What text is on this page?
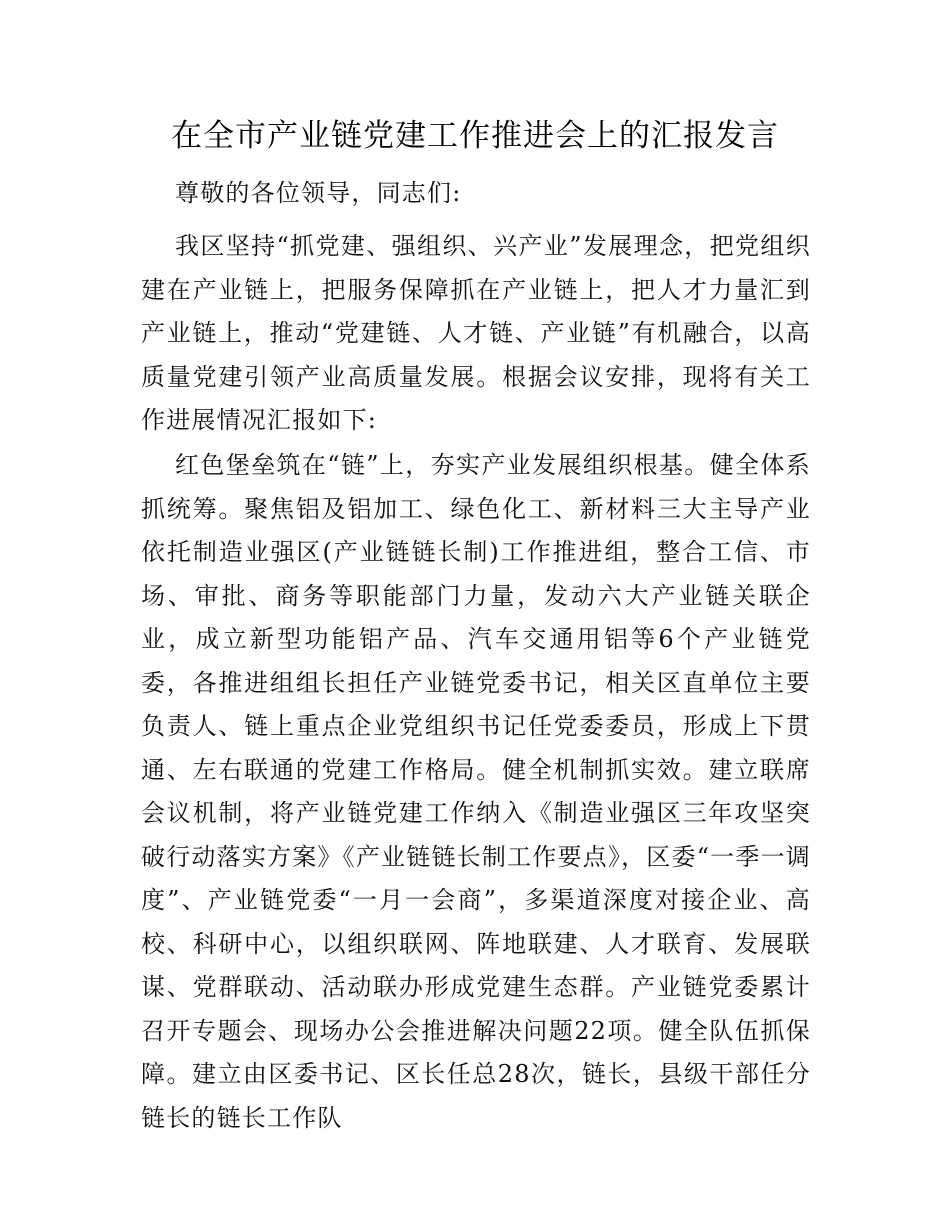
在全市产业链党建工作推进会上的汇报发言

尊敬的各位领导，同志们:

我区坚持“抓党建、强组织、兴产业”发展理念，把党组织建在产业链上，把服务保障抓在产业链上，把人才力量汇到产业链上，推动“党建链、人才链、产业链”有机融合，以高质量党建引领产业高质量发展。根据会议安排，现将有关工作进展情况汇报如下:

红色堡垒筑在“链”上，夯实产业发展组织根基。健全体系抓统筹。聚焦铝及铝加工、绿色化工、新材料三大主导产业依托制造业强区(产业链链长制)工作推进组，整合工信、市场、审批、商务等职能部门力量，发动六大产业链关联企业，成立新型功能铝产品、汽车交通用铝等6个产业链党委，各推进组组长担任产业链党委书记，相关区直单位主要负责人、链上重点企业党组织书记任党委委员，形成上下贯通、左右联通的党建工作格局。健全机制抓实效。建立联席会议机制，将产业链党建工作纳入《制造业强区三年攻坚突破行动落实方案》《产业链链长制工作要点》，区委“一季一调度”、产业链党委“一月一会商”，多渠道深度对接企业、高校、科研中心，以组织联网、阵地联建、人才联育、发展联谋、党群联动、活动联办形成党建生态群。产业链党委累计召开专题会、现场办公会推进解决问题22项。健全队伍抓保障。建立由区委书记、区长任总28次，链长，县级干部任分链长的链长工作队
